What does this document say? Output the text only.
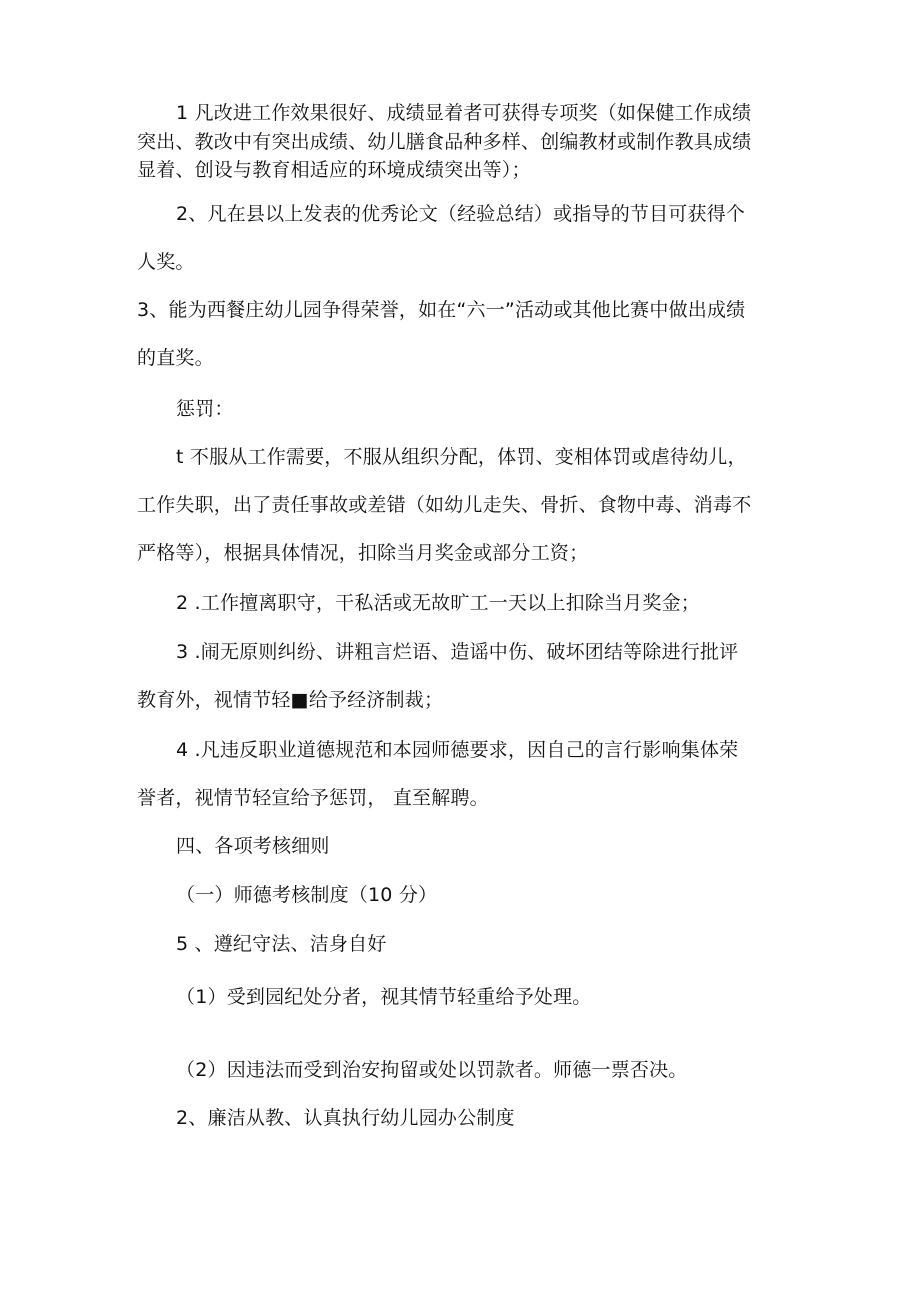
1 凡改进工作效果很好、成绩显着者可获得专项奖（如保健工作成绩
突出、教改中有突出成绩、幼儿膳食品种多样、创编教材或制作教具成绩
显着、创设与教育相适应的环境成绩突出等）；
2、凡在县以上发表的优秀论文（经验总结）或指导的节目可获得个
人奖。
3、能为西餐庄幼儿园争得荣誉，如在“六一”活动或其他比赛中做出成绩
的直奖。
惩罚：
t 不服从工作需要，不服从组织分配，体罚、变相体罚或虐待幼儿，
工作失职，出了责任事故或差错（如幼儿走失、骨折、食物中毒、消毒不
严格等），根据具体情况，扣除当月奖金或部分工资；
2 .工作擅离职守，干私活或无故旷工一天以上扣除当月奖金；
3 .闹无原则纠纷、讲粗言烂语、造谣中伤、破坏团结等除进行批评
教育外，视情节轻■给予经济制裁；
4 .凡违反职业道德规范和本园师德要求，因自己的言行影响集体荣
誉者，视情节轻宣给予惩罚， 直至解聘。
四、各项考核细则
（一）师德考核制度（10 分）
5 、遵纪守法、洁身自好
（1）受到园纪处分者，视其情节轻重给予处理。
（2）因违法而受到治安拘留或处以罚款者。师德一票否决。
2、廉洁从教、认真执行幼儿园办公制度
